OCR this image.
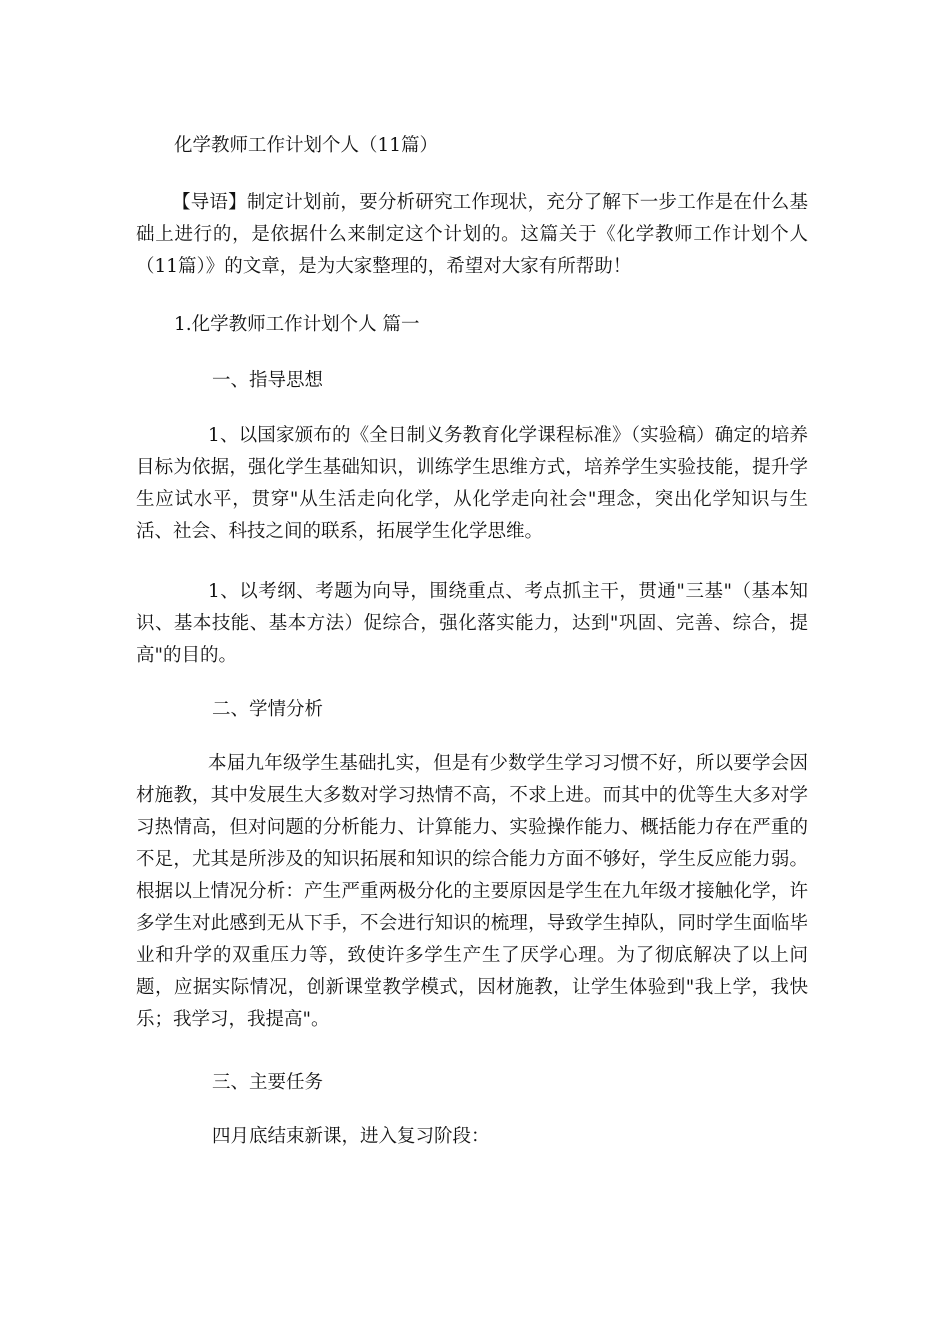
化学教师工作计划个人（11篇）

【导语】制定计划前，要分析研究工作现状，充分了解下一步工作是在什么基础上进行的，是依据什么来制定这个计划的。这篇关于《化学教师工作计划个人（11篇）》的文章，是为大家整理的，希望对大家有所帮助！

1.化学教师工作计划个人 篇一

一、指导思想

1、以国家颁布的《全日制义务教育化学课程标准》（实验稿）确定的培养目标为依据，强化学生基础知识，训练学生思维方式，培养学生实验技能，提升学生应试水平，贯穿"从生活走向化学，从化学走向社会"理念，突出化学知识与生活、社会、科技之间的联系，拓展学生化学思维。

1、以考纲、考题为向导，围绕重点、考点抓主干，贯通"三基"（基本知识、基本技能、基本方法）促综合，强化落实能力，达到"巩固、完善、综合，提高"的目的。

二、学情分析

本届九年级学生基础扎实，但是有少数学生学习习惯不好，所以要学会因材施教，其中发展生大多数对学习热情不高，不求上进。而其中的优等生大多对学习热情高，但对问题的分析能力、计算能力、实验操作能力、概括能力存在严重的不足，尤其是所涉及的知识拓展和知识的综合能力方面不够好，学生反应能力弱。根据以上情况分析：产生严重两极分化的主要原因是学生在九年级才接触化学，许多学生对此感到无从下手，不会进行知识的梳理，导致学生掉队，同时学生面临毕业和升学的双重压力等，致使许多学生产生了厌学心理。为了彻底解决了以上问题，应据实际情况，创新课堂教学模式，因材施教，让学生体验到"我上学，我快乐；我学习，我提高"。

三、主要任务

四月底结束新课，进入复习阶段：
